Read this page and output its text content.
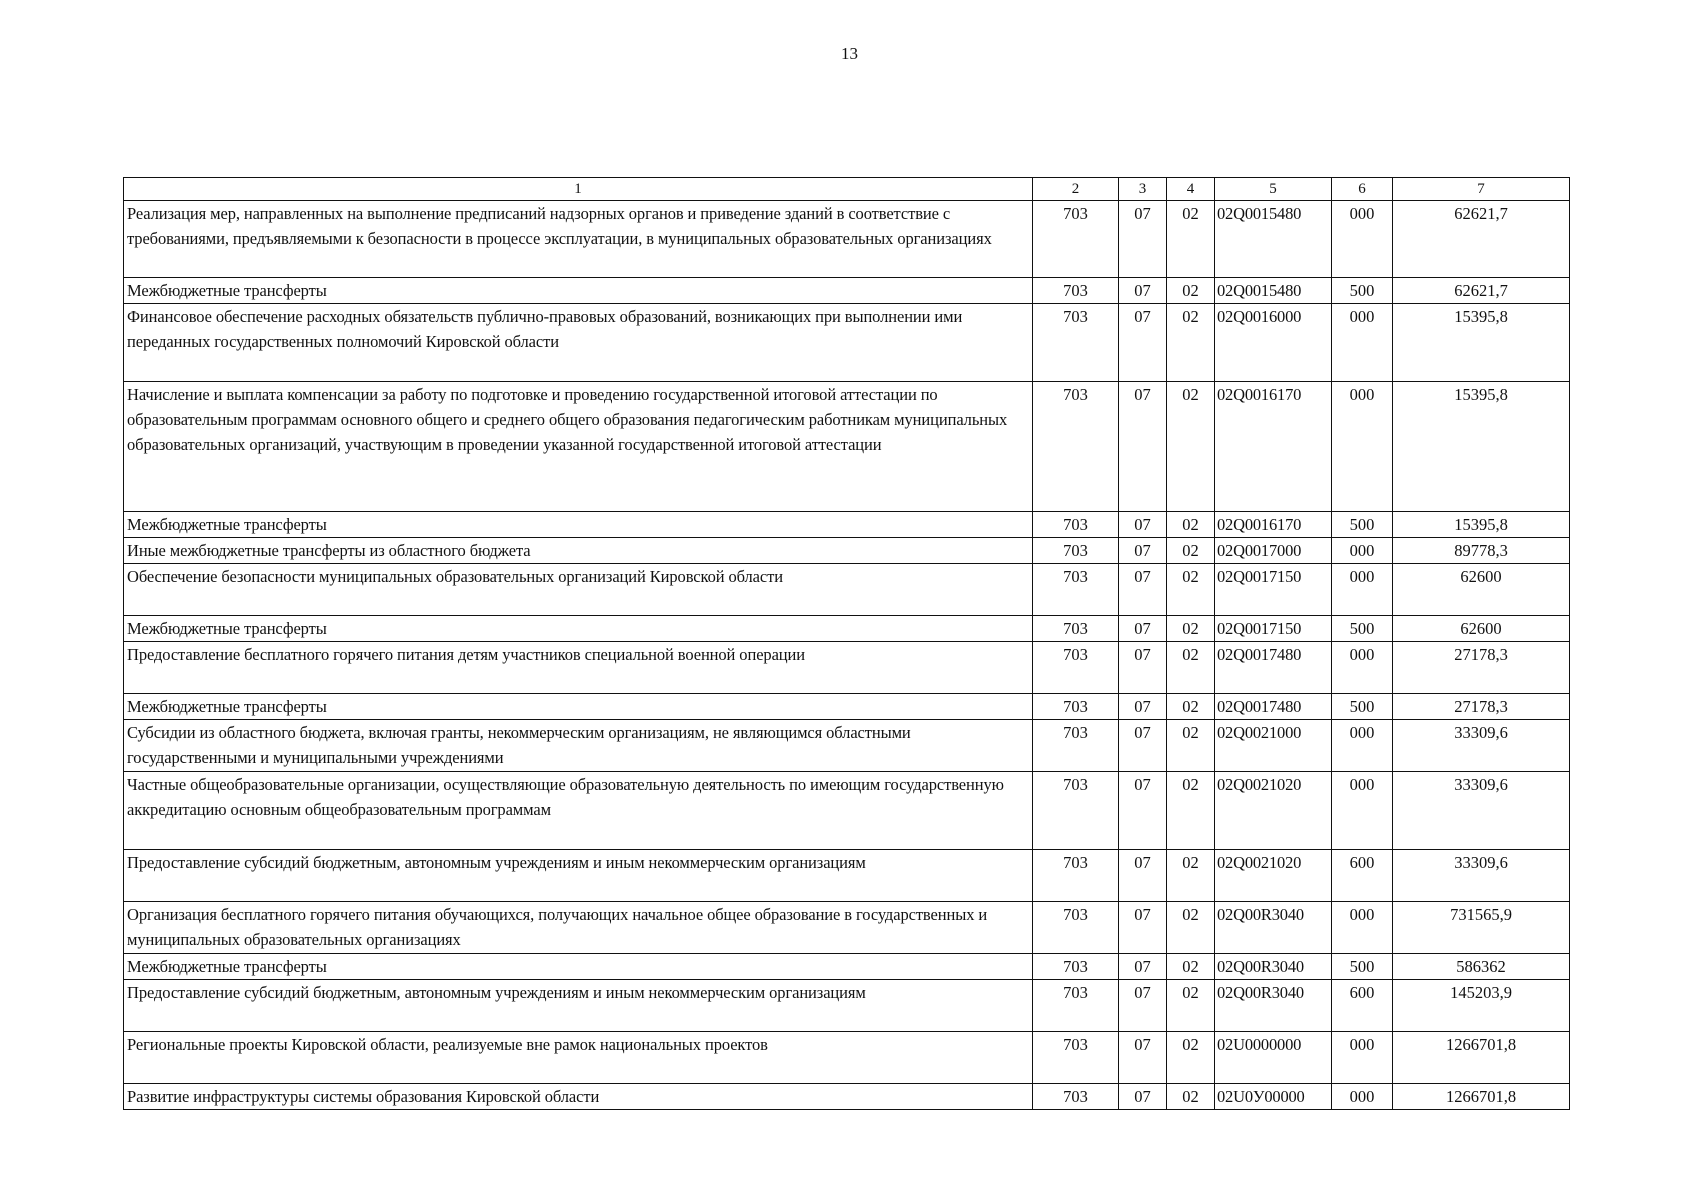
13
1	2	3	4	5	6	7
Реализация мер, направленных на выполнение предписаний надзорных органов и приведение зданий в соответствие с требованиями, предъявляемыми к безопасности в процессе эксплуатации, в муниципальных образовательных организациях	703	07	02	02Q0015480	000	62621,7
Межбюджетные трансферты	703	07	02	02Q0015480	500	62621,7
Финансовое обеспечение расходных обязательств публично-правовых образований, возникающих при выполнении ими переданных государственных полномочий Кировской области	703	07	02	02Q0016000	000	15395,8
Начисление и выплата компенсации за работу по подготовке и проведению государственной итоговой аттестации по образовательным программам основного общего и среднего общего образования педагогическим работникам муниципальных образовательных организаций, участвующим в проведении указанной государственной итоговой аттестации	703	07	02	02Q0016170	000	15395,8
Межбюджетные трансферты	703	07	02	02Q0016170	500	15395,8
Иные межбюджетные трансферты из областного бюджета	703	07	02	02Q0017000	000	89778,3
Обеспечение безопасности муниципальных образовательных организаций Кировской области	703	07	02	02Q0017150	000	62600
Межбюджетные трансферты	703	07	02	02Q0017150	500	62600
Предоставление бесплатного горячего питания детям участников специальной военной операции	703	07	02	02Q0017480	000	27178,3
Межбюджетные трансферты	703	07	02	02Q0017480	500	27178,3
Субсидии из областного бюджета, включая гранты, некоммерческим организациям, не являющимся областными государственными и муниципальными учреждениями	703	07	02	02Q0021000	000	33309,6
Частные общеобразовательные организации, осуществляющие образовательную деятельность по имеющим государственную аккредитацию основным общеобразовательным программам	703	07	02	02Q0021020	000	33309,6
Предоставление субсидий бюджетным, автономным учреждениям и иным некоммерческим организациям	703	07	02	02Q0021020	600	33309,6
Организация бесплатного горячего питания обучающихся, получающих начальное общее образование в государственных и муниципальных образовательных организациях	703	07	02	02Q00R3040	000	731565,9
Межбюджетные трансферты	703	07	02	02Q00R3040	500	586362
Предоставление субсидий бюджетным, автономным учреждениям и иным некоммерческим организациям	703	07	02	02Q00R3040	600	145203,9
Региональные проекты Кировской области, реализуемые вне рамок национальных проектов	703	07	02	02U0000000	000	1266701,8
Развитие инфраструктуры системы образования Кировской области	703	07	02	02U0У00000	000	1266701,8
